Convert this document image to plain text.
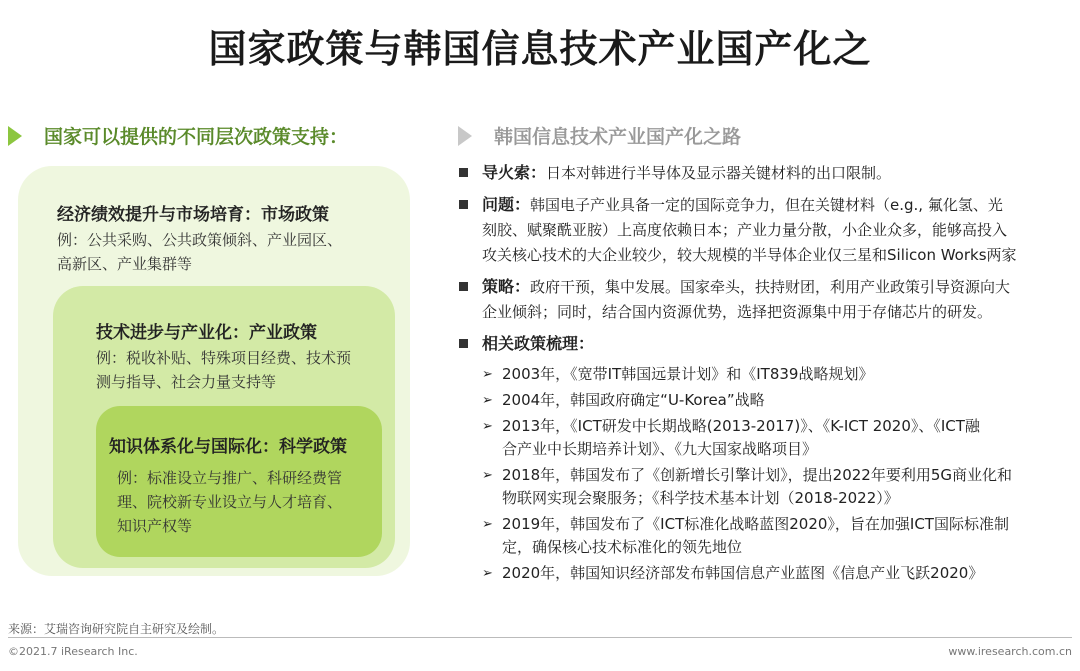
国家政策与韩国信息技术产业国产化之
国家可以提供的不同层次政策支持：	韩国信息技术产业国产化之路
经济绩效提升与市场培育：市场政策
例：公共采购、公共政策倾斜、产业园区、
高新区、产业集群等
技术进步与产业化：产业政策
例：税收补贴、特殊项目经费、技术预
测与指导、社会力量支持等
知识体系化与国际化：科学政策
例：标准设立与推广、科研经费管
理、院校新专业设立与人才培育、
知识产权等
导火索：日本对韩进行半导体及显示器关键材料的出口限制。
问题：韩国电子产业具备一定的国际竞争力，但在关键材料（e.g., 氟化氢、光
刻胶、赋聚酰亚胺）上高度依赖日本；产业力量分散，小企业众多，能够高投入
攻关核心技术的大企业较少，较大规模的半导体企业仅三星和Silicon Works两家
策略：政府干预，集中发展。国家牵头，扶持财团，利用产业政策引导资源向大
企业倾斜；同时，结合国内资源优势，选择把资源集中用于存储芯片的研发。
相关政策梳理：
➢ 2003年，《宽带IT韩国远景计划》和《IT839战略规划》
➢ 2004年，韩国政府确定“U-Korea”战略
➢ 2013年，《ICT研发中长期战略(2013-2017)》、《K-ICT 2020》、《ICT融
合产业中长期培养计划》、《九大国家战略项目》
➢ 2018年，韩国发布了《创新增长引擎计划》，提出2022年要利用5G商业化和
物联网实现会聚服务；《科学技术基本计划（2018-2022）》
➢ 2019年，韩国发布了《ICT标准化战略蓝图2020》，旨在加强ICT国际标准制
定，确保核心技术标准化的领先地位
➢ 2020年，韩国知识经济部发布韩国信息产业蓝图《信息产业飞跃2020》
来源：艾瑞咨询研究院自主研究及绘制。
©2021.7 iResearch Inc.	www.iresearch.com.cn
